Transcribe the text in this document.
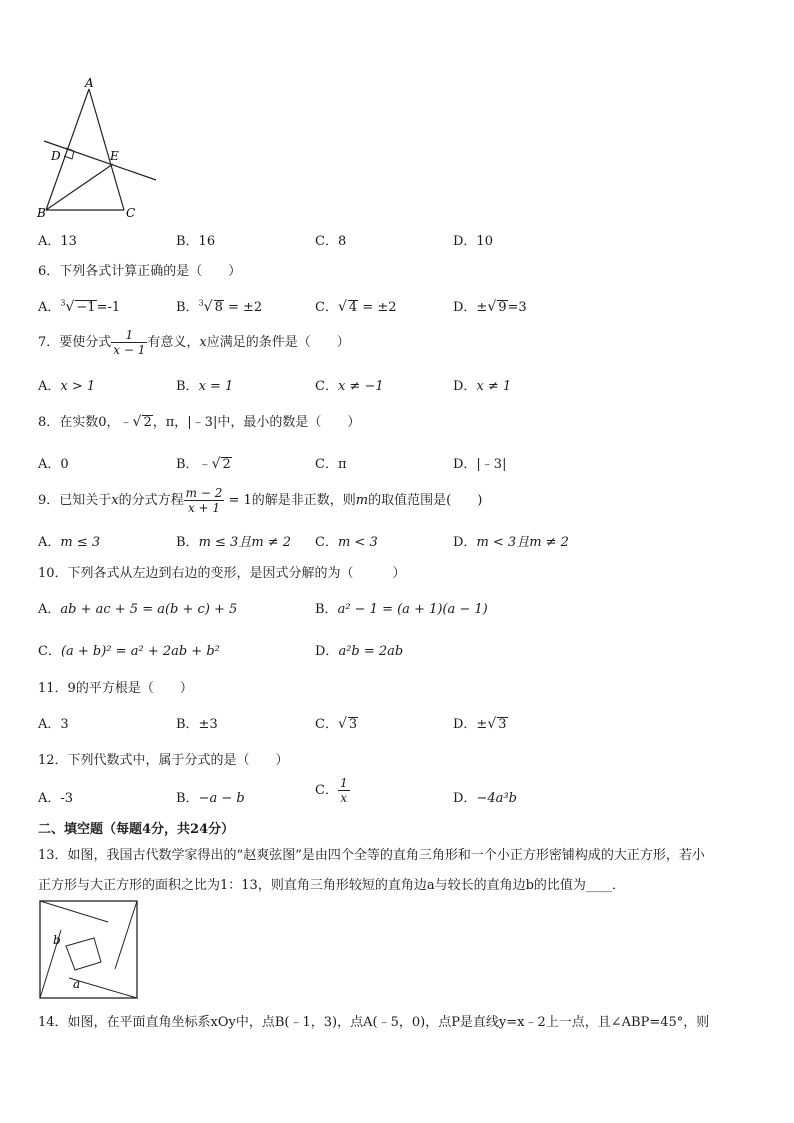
A
D	E
B	C
A．13	B．16	C．8	D．10
6．下列各式计算正确的是（　　）
A．$^3$√ −1=-1	B．$^3$√ 8 = ±2	C．√ 4 = ±2	D．±√ 9=3
7．要使分式 $\frac{1}{x - 1}$ 有意义，x应满足的条件是（　　）
A．x > 1	B．x = 1	C．x ≠ −1	D．x ≠ 1
8．在实数0，﹣√ 2，π，|﹣3|中，最小的数是（　　）
A．0	B．﹣√ 2	C．π	D．|﹣3|
9．已知关于x的分式方程 $\frac{m - 2}{x + 1} = 1$的解是非正数，则m的取值范围是(　　)
A．m ≤ 3	B．m ≤ 3且m ≠ 2 C．m < 3	D．m < 3且m ≠ 2
10．下列各式从左边到右边的变形，是因式分解的为（　　　）
A．ab + ac + 5 = a(b + c) + 5	B．a² − 1 = (a + 1)(a − 1)
C．(a + b)² = a² + 2ab + b²	D．a²b = 2ab
11．9的平方根是（　　）
A．3	B．±3	C．√ 3	D．±√ 3
12．下列代数式中，属于分式的是（　　）
A．-3	B．−a − b
C． $\frac{1}{x}$	D．−4a³b
二、填空题（每题4分，共24分）
13．如图，我国古代数学家得出的“赵爽弦图”是由四个全等的直角三角形和一个小正方形密铺构成的大正方形，若小
正方形与大正方形的面积之比为1：13，则直角三角形较短的直角边a与较长的直角边b的比值为____．
b
a
14．如图，在平面直角坐标系xOy中，点B(﹣1，3)，点A(﹣5，0)，点P是直线y=x﹣2上一点，且∠ABP=45°，则
